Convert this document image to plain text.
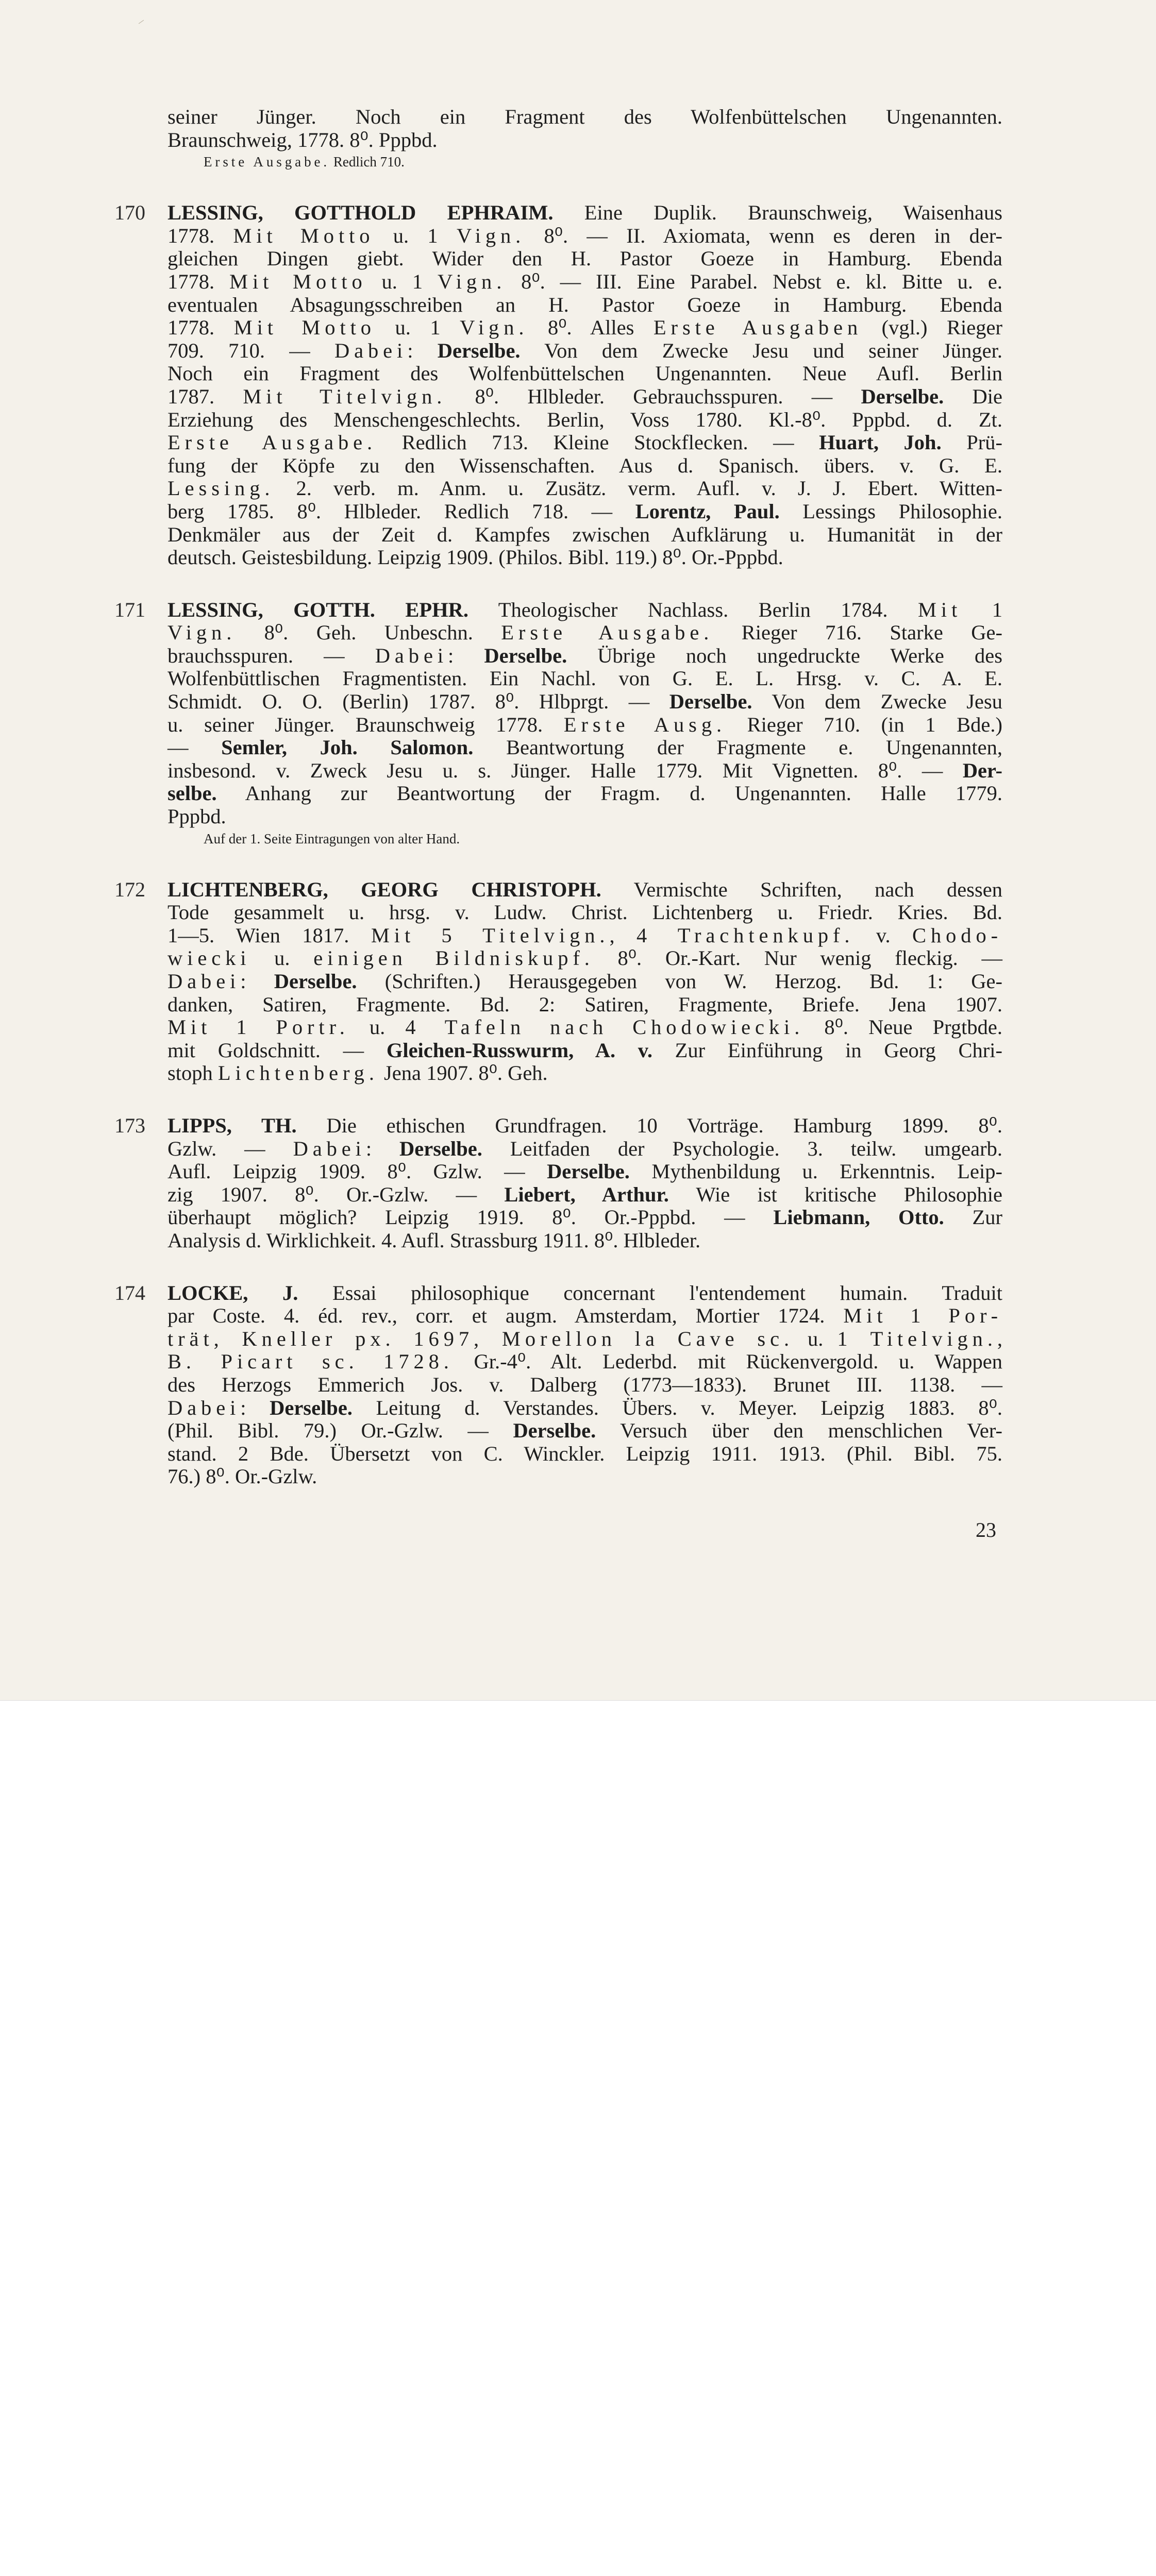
seiner Jünger. Noch ein Fragment des Wolfenbüttelschen Ungenannten.
Braunschweig, 1778. 8⁰. Pppbd.
Erste Ausgabe. Redlich 710.
170 LESSING, GOTTHOLD EPHRAIM. Eine Duplik. Braunschweig, Waisenhaus
1778. Mit Motto u. 1 Vign. 8⁰. — II. Axiomata, wenn es deren in der-
gleichen Dingen giebt. Wider den H. Pastor Goeze in Hamburg. Ebenda
1778. Mit Motto u. 1 Vign. 8⁰. — III. Eine Parabel. Nebst e. kl. Bitte u. e.
eventualen Absagungsschreiben an H. Pastor Goeze in Hamburg. Ebenda
1778. Mit Motto u. 1 Vign. 8⁰. Alles Erste Ausgaben (vgl.) Rieger
709. 710. — Dabei: Derselbe. Von dem Zwecke Jesu und seiner Jünger.
Noch ein Fragment des Wolfenbüttelschen Ungenannten. Neue Aufl. Berlin
1787. Mit Titelvign. 8⁰. Hlbleder. Gebrauchsspuren. — Derselbe. Die
Erziehung des Menschengeschlechts. Berlin, Voss 1780. Kl.-8⁰. Pppbd. d. Zt.
Erste Ausgabe. Redlich 713. Kleine Stockflecken. — Huart, Joh. Prü-
fung der Köpfe zu den Wissenschaften. Aus d. Spanisch. übers. v. G. E.
Lessing. 2. verb. m. Anm. u. Zusätz. verm. Aufl. v. J. J. Ebert. Witten-
berg 1785. 8⁰. Hlbleder. Redlich 718. — Lorentz, Paul. Lessings Philosophie.
Denkmäler aus der Zeit d. Kampfes zwischen Aufklärung u. Humanität in der
deutsch. Geistesbildung. Leipzig 1909. (Philos. Bibl. 119.) 8⁰. Or.-Pppbd.
171 LESSING, GOTTH. EPHR. Theologischer Nachlass. Berlin 1784. Mit 1
Vign. 8⁰. Geh. Unbeschn. Erste Ausgabe. Rieger 716. Starke Ge-
brauchsspuren. — Dabei: Derselbe. Übrige noch ungedruckte Werke des
Wolfenbüttlischen Fragmentisten. Ein Nachl. von G. E. L. Hrsg. v. C. A. E.
Schmidt. O. O. (Berlin) 1787. 8⁰. Hlbprgt. — Derselbe. Von dem Zwecke Jesu
u. seiner Jünger. Braunschweig 1778. Erste Ausg. Rieger 710. (in 1 Bde.)
— Semler, Joh. Salomon. Beantwortung der Fragmente e. Ungenannten,
insbesond. v. Zweck Jesu u. s. Jünger. Halle 1779. Mit Vignetten. 8⁰. — Der-
selbe. Anhang zur Beantwortung der Fragm. d. Ungenannten. Halle 1779.
Pppbd.
Auf der 1. Seite Eintragungen von alter Hand.
172 LICHTENBERG, GEORG CHRISTOPH. Vermischte Schriften, nach dessen
Tode gesammelt u. hrsg. v. Ludw. Christ. Lichtenberg u. Friedr. Kries. Bd.
1—5. Wien 1817. Mit 5 Titelvign., 4 Trachtenkupf. v. Chodo-
wiecki u. einigen Bildniskupf. 8⁰. Or.-Kart. Nur wenig fleckig. —
Dabei: Derselbe. (Schriften.) Herausgegeben von W. Herzog. Bd. 1: Ge-
danken, Satiren, Fragmente. Bd. 2: Satiren, Fragmente, Briefe. Jena 1907.
Mit 1 Portr. u. 4 Tafeln nach Chodowiecki. 8⁰. Neue Prgtbde.
mit Goldschnitt. — Gleichen-Russwurm, A. v. Zur Einführung in Georg Chri-
stoph Lichtenberg. Jena 1907. 8⁰. Geh.
173 LIPPS, TH. Die ethischen Grundfragen. 10 Vorträge. Hamburg 1899. 8⁰.
Gzlw. — Dabei: Derselbe. Leitfaden der Psychologie. 3. teilw. umgearb.
Aufl. Leipzig 1909. 8⁰. Gzlw. — Derselbe. Mythenbildung u. Erkenntnis. Leip-
zig 1907. 8⁰. Or.-Gzlw. — Liebert, Arthur. Wie ist kritische Philosophie
überhaupt möglich? Leipzig 1919. 8⁰. Or.-Pppbd. — Liebmann, Otto. Zur
Analysis d. Wirklichkeit. 4. Aufl. Strassburg 1911. 8⁰. Hlbleder.
174 LOCKE, J. Essai philosophique concernant l'entendement humain. Traduit
par Coste. 4. éd. rev., corr. et augm. Amsterdam, Mortier 1724. Mit 1 Por-
trät, Kneller px. 1697, Morellon la Cave sc. u. 1 Titelvign.,
B. Picart sc. 1728. Gr.-4⁰. Alt. Lederbd. mit Rückenvergold. u. Wappen
des Herzogs Emmerich Jos. v. Dalberg (1773—1833). Brunet III. 1138. —
Dabei: Derselbe. Leitung d. Verstandes. Übers. v. Meyer. Leipzig 1883. 8⁰.
(Phil. Bibl. 79.) Or.-Gzlw. — Derselbe. Versuch über den menschlichen Ver-
stand. 2 Bde. Übersetzt von C. Winckler. Leipzig 1911. 1913. (Phil. Bibl. 75.
76.) 8⁰. Or.-Gzlw.
23
